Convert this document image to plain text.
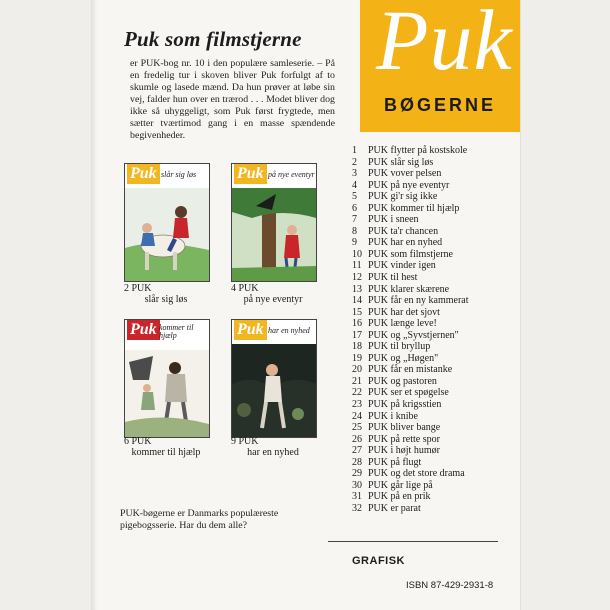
Puk som filmstjerne

er PUK-bog nr. 10 i den populære samleserie. – På en fredelig tur i skoven bliver Puk forfulgt af to skumle og lasede mænd. Da hun prøver at løbe sin vej, falder hun over en trærod . . . Modet bliver dog ikke så uhyggeligt, som Puk først frygtede, men sætter tværtimod gang i en masse spændende begivenheder.

Puk
BØGERNE
Puk slår sig løs
2 PUK
slår sig løs
Puk på nye eventyr
4 PUK
på nye eventyr
Puk kommer til hjælp
6 PUK
kommer til hjælp
Puk har en nyhed
9 PUK
har en nyhed
1 PUK flytter på kostskole
2 PUK slår sig løs
3 PUK vover pelsen
4 PUK på nye eventyr
5 PUK gi'r sig ikke
6 PUK kommer til hjælp
7 PUK i sneen
8 PUK ta'r chancen
9 PUK har en nyhed
10 PUK som filmstjerne
11 PUK vinder igen
12 PUK til hest
13 PUK klarer skærene
14 PUK får en ny kammerat
15 PUK har det sjovt
16 PUK længe leve!
17 PUK og „Syvstjernen"
18 PUK til bryllup
19 PUK og „Høgen"
20 PUK får en mistanke
21 PUK og pastoren
22 PUK ser et spøgelse
23 PUK på krigsstien
24 PUK i knibe
25 PUK bliver bange
26 PUK på rette spor
27 PUK i højt humør
28 PUK på flugt
29 PUK og det store drama
30 PUK går lige på
31 PUK på en prik
32 PUK er parat
PUK-bøgerne er Danmarks populæreste pigebogsserie. Har du dem alle?
GRAFISK
ISBN 87-429-2931-8
